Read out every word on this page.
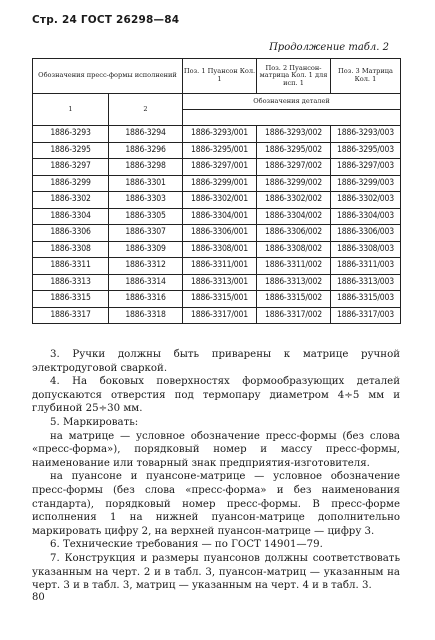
Стр. 24 ГОСТ 26298—84
Продолжение табл. 2
Обозначения пресс-формы исполнений		Поз. 1 Пуансон Кол. 1	Поз. 2 Пуансон-матрица Кол. 1 для исп. 1	Поз. 3 Матрица Кол. 1
1	2	Обозначения деталей		

1886-3293	1886-3294	1886-3293/001	1886-3293/002	1886-3293/003
1886-3295	1886-3296	1886-3295/001	1886-3295/002	1886-3295/003
1886-3297	1886-3298	1886-3297/001	1886-3297/002	1886-3297/003
1886-3299	1886-3301	1886-3299/001	1886-3299/002	1886-3299/003
1886-3302	1886-3303	1886-3302/001	1886-3302/002	1886-3302/003
1886-3304	1886-3305	1886-3304/001	1886-3304/002	1886-3304/003
1886-3306	1886-3307	1886-3306/001	1886-3306/002	1886-3306/003
1886-3308	1886-3309	1886-3308/001	1886-3308/002	1886-3308/003
1886-3311	1886-3312	1886-3311/001	1886-3311/002	1886-3311/003
1886-3313	1886-3314	1886-3313/001	1886-3313/002	1886-3313/003
1886-3315	1886-3316	1886-3315/001	1886-3315/002	1886-3315/003
1886-3317	1886-3318	1886-3317/001	1886-3317/002	1886-3317/003

3. Ручки должны быть приварены к матрице ручной электродуговой сваркой.

4. На боковых поверхностях формообразующих деталей допускаются отверстия под термопару диаметром 4÷5 мм и глубиной 25÷30 мм.

5. Маркировать:

на матрице — условное обозначение пресс-формы (без слова «пресс-форма»), порядковый номер и массу пресс-формы, наименование или товарный знак предприятия-изготовителя.

на пуансоне и пуансоне-матрице — условное обозначение пресс-формы (без слова «пресс-форма» и без наименования стандарта), порядковый номер пресс-формы. В пресс-форме исполнения 1 на нижней пуансон-матрице дополнительно маркировать цифру 2, на верхней пуансон-матрице — цифру 3.

6. Технические требования — по ГОСТ 14901—79.

7. Конструкция и размеры пуансонов должны соответствовать указанным на черт. 2 и в табл. 3, пуансон-матриц — указанным на черт. 3 и в табл. 3, матриц — указанным на черт. 4 и в табл. 3.

80
